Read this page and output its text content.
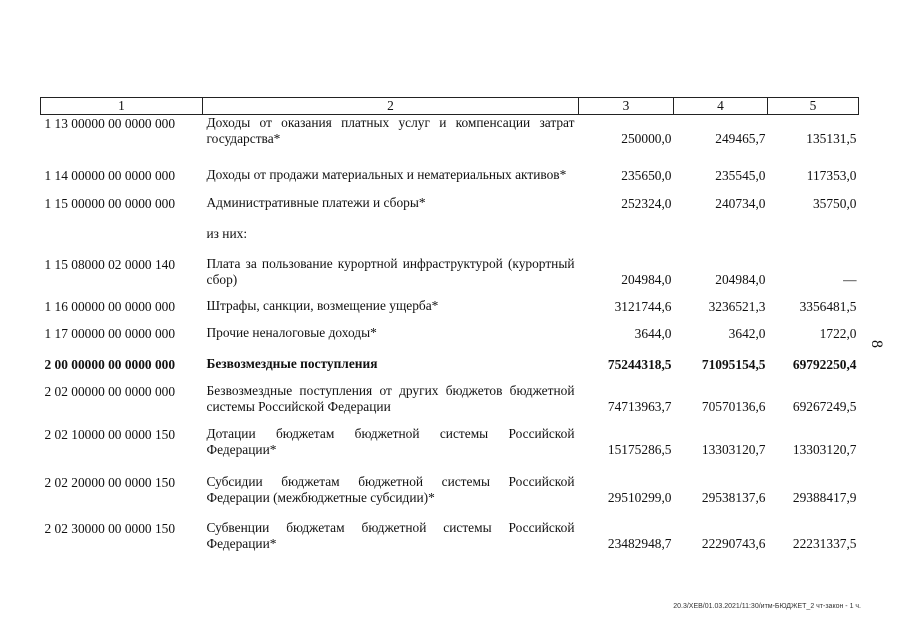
1	2	3	4	5
1 13 00000 00 0000 000	Доходы от оказания платных услуг и компенсации затрат государства*	250000,0	249465,7	135131,5

1 14 00000 00 0000 000	Доходы от продажи материальных и нематериальных активов*	235650,0	235545,0	117353,0

1 15 00000 00 0000 000	Административные платежи и сборы*	252324,0	240734,0	35750,0

	из них:			

1 15 08000 02 0000 140	Плата за пользование курортной инфраструктурой (курортный сбор)	204984,0	204984,0	—

1 16 00000 00 0000 000	Штрафы, санкции, возмещение ущерба*	3121744,6	3236521,3	3356481,5

1 17 00000 00 0000 000	Прочие неналоговые доходы*	3644,0	3642,0	1722,0

2 00 00000 00 0000 000	Безвозмездные поступления	75244318,5	71095154,5	69792250,4

2 02 00000 00 0000 000	Безвозмездные поступления от других бюджетов бюджетной системы Российской Федерации	74713963,7	70570136,6	69267249,5

2 02 10000 00 0000 150	Дотации бюджетам бюджетной системы Российской Федерации*	15175286,5	13303120,7	13303120,7

2 02 20000 00 0000 150	Субсидии бюджетам бюджетной системы Российской Федерации (межбюджетные субсидии)*	29510299,0	29538137,6	29388417,9

2 02 30000 00 0000 150	Субвенции бюджетам бюджетной системы Российской Федерации*	23482948,7	22290743,6	22231337,5
8
20.3/ХЕВ/01.03.2021/11:30/итм-БЮДЖЕТ_2 чт-закон - 1 ч.
